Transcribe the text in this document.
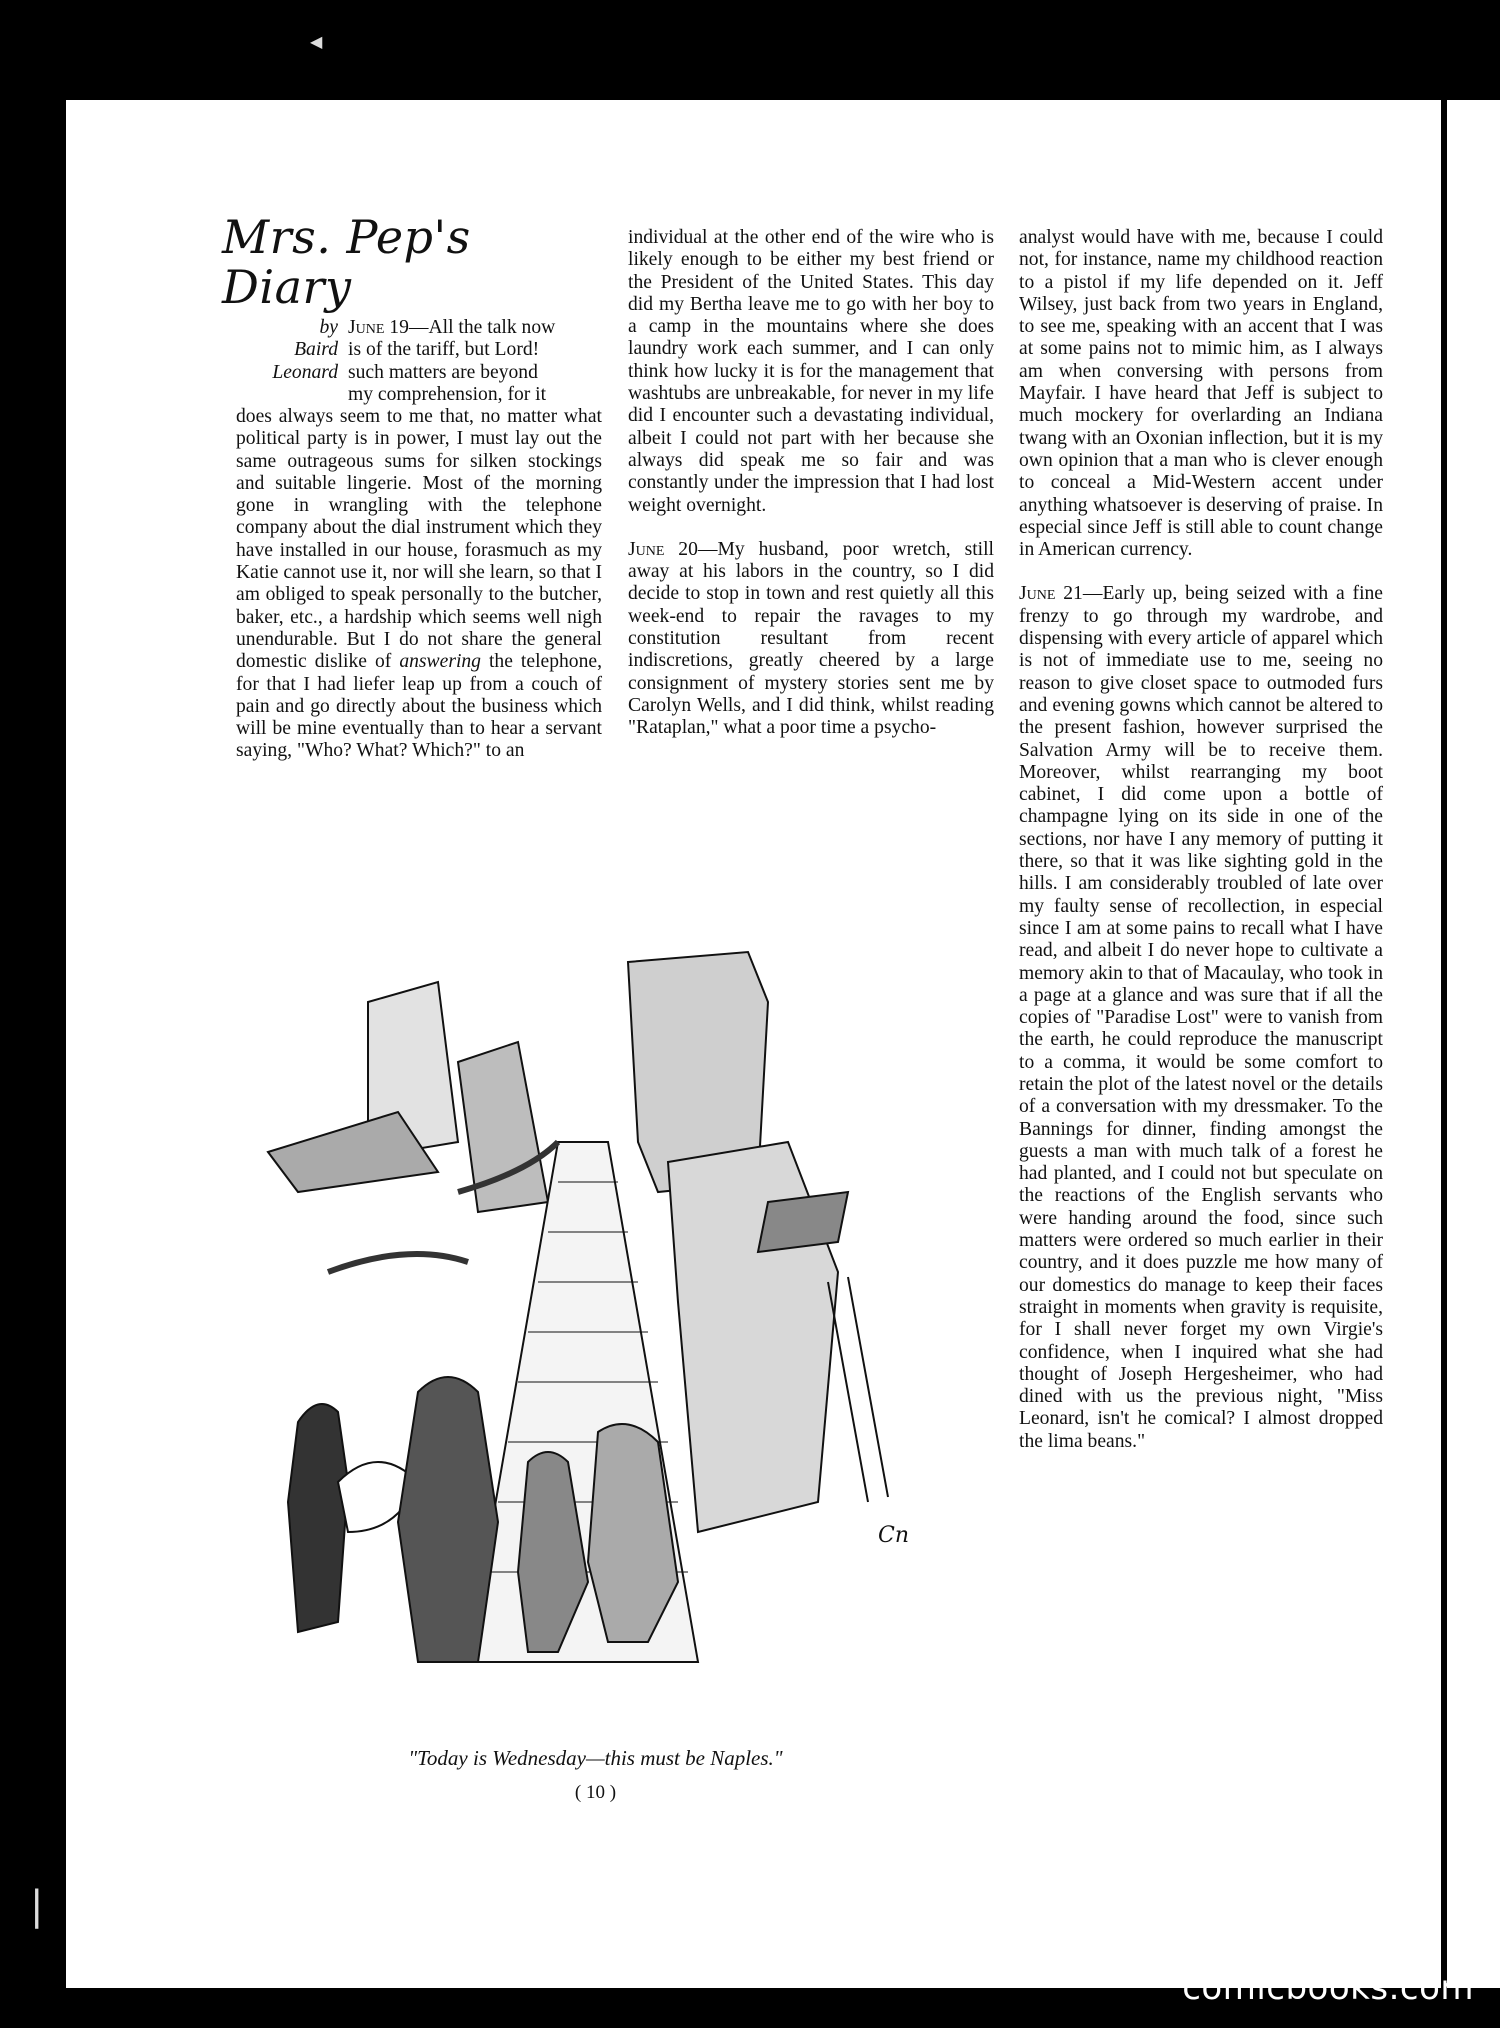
◀
|
Mrs. Pep's Diary
by
Baird
Leonard
June 19—All the talk now
is of the tariff, but Lord!
such matters are beyond
my comprehension, for it

does always seem to me that, no matter what political party is in power, I must lay out the same outrageous sums for silken stockings and suitable lingerie. Most of the morning gone in wrangling with the telephone company about the dial instrument which they have installed in our house, forasmuch as my Katie cannot use it, nor will she learn, so that I am obliged to speak personally to the butcher, baker, etc., a hardship which seems well nigh unendurable. But I do not share the general domestic dislike of answering the telephone, for that I had liefer leap up from a couch of pain and go directly about the business which will be mine eventually than to hear a servant saying, "Who? What? Which?" to an

individual at the other end of the wire who is likely enough to be either my best friend or the President of the United States. This day did my Bertha leave me to go with her boy to a camp in the mountains where she does laundry work each summer, and I can only think how lucky it is for the management that washtubs are unbreakable, for never in my life did I encounter such a devastating individual, albeit I could not part with her because she always did speak me so fair and was constantly under the impression that I had lost weight overnight.

June 20—My husband, poor wretch, still away at his labors in the country, so I did decide to stop in town and rest quietly all this week-end to repair the ravages to my constitution resultant from recent indiscretions, greatly cheered by a large consignment of mystery stories sent me by Carolyn Wells, and I did think, whilst reading "Rataplan," what a poor time a psycho-

analyst would have with me, because I could not, for instance, name my childhood reaction to a pistol if my life depended on it. Jeff Wilsey, just back from two years in England, to see me, speaking with an accent that I was at some pains not to mimic him, as I always am when conversing with persons from Mayfair. I have heard that Jeff is subject to much mockery for overlarding an Indiana twang with an Oxonian inflection, but it is my own opinion that a man who is clever enough to conceal a Mid-Western accent under anything whatsoever is deserving of praise. In especial since Jeff is still able to count change in American currency.

June 21—Early up, being seized with a fine frenzy to go through my wardrobe, and dispensing with every article of apparel which is not of immediate use to me, seeing no reason to give closet space to outmoded furs and evening gowns which cannot be altered to the present fashion, however surprised the Salvation Army will be to receive them. Moreover, whilst rearranging my boot cabinet, I did come upon a bottle of champagne lying on its side in one of the sections, nor have I any memory of putting it there, so that it was like sighting gold in the hills. I am considerably troubled of late over my faulty sense of recollection, in especial since I am at some pains to recall what I have read, and albeit I do never hope to cultivate a memory akin to that of Macaulay, who took in a page at a glance and was sure that if all the copies of "Paradise Lost" were to vanish from the earth, he could reproduce the manuscript to a comma, it would be some comfort to retain the plot of the latest novel or the details of a conversation with my dressmaker. To the Bannings for dinner, finding amongst the guests a man with much talk of a forest he had planted, and I could not but speculate on the reactions of the English servants who were handing around the food, since such matters were ordered so much earlier in their country, and it does puzzle me how many of our domestics do manage to keep their faces straight in moments when gravity is requisite, for I shall never forget my own Virgie's confidence, when I inquired what she had thought of Joseph Hergesheimer, who had dined with us the previous night, "Miss Leonard, isn't he comical? I almost dropped the lima beans."

Cn
"Today is Wednesday—this must be Naples."
( 10 )
comicbooks.com
